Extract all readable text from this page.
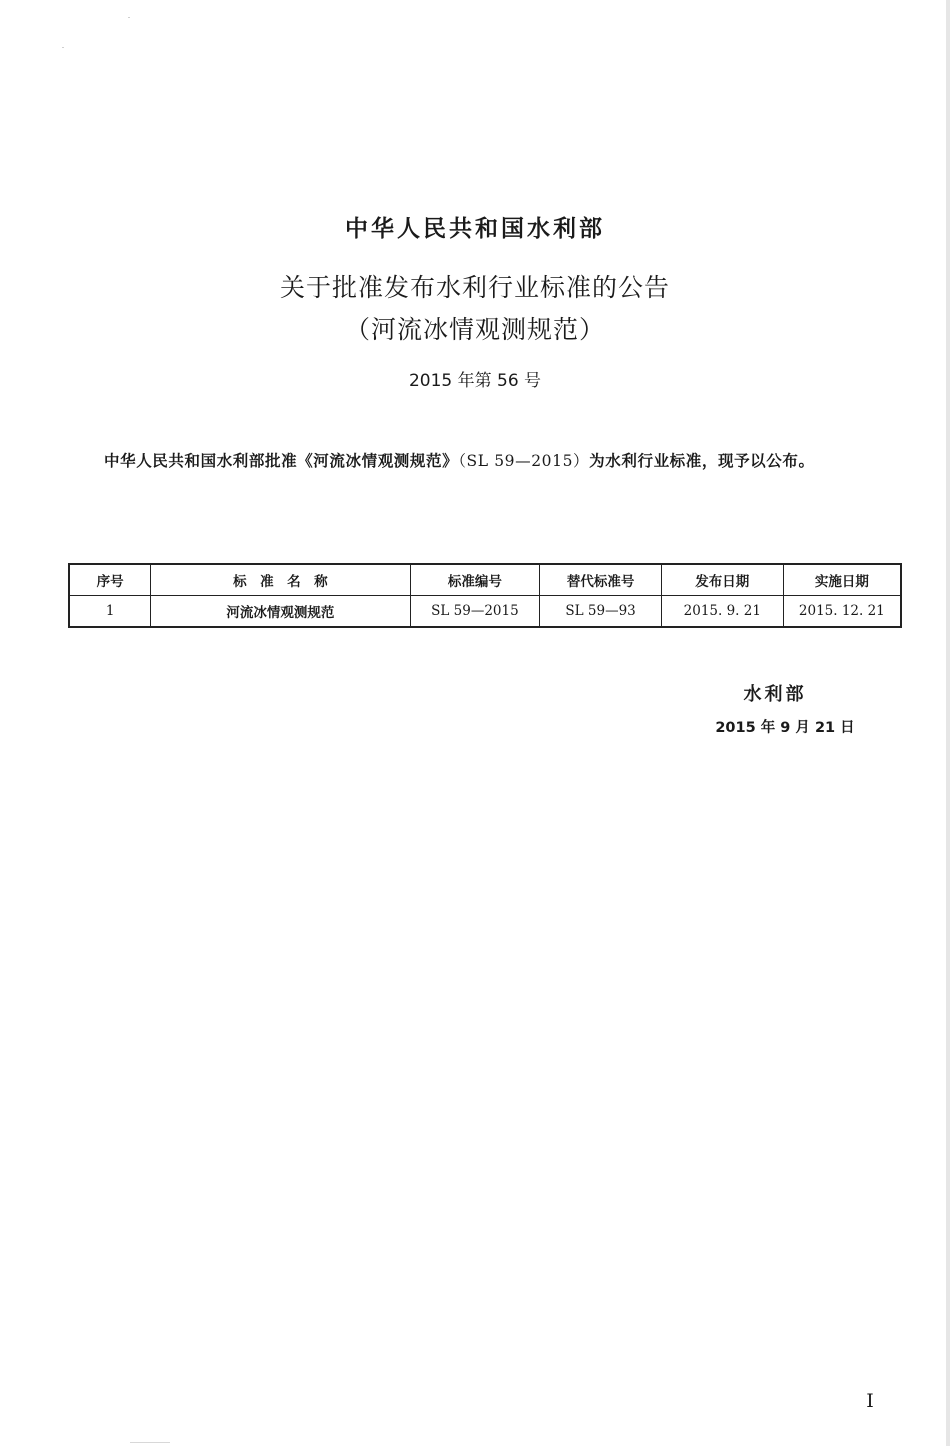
中华人民共和国水利部
关于批准发布水利行业标准的公告
（河流冰情观测规范）
2015 年第 56 号
中华人民共和国水利部批准《河流冰情观测规范》（SL 59—2015）为水利行业标准，现予以公布。
序号	标　准　名　称	标准编号	替代标准号	发布日期	实施日期
1	河流冰情观测规范	SL 59—2015	SL 59—93	2015. 9. 21	2015. 12. 21
水利部
2015 年 9 月 21 日
I
